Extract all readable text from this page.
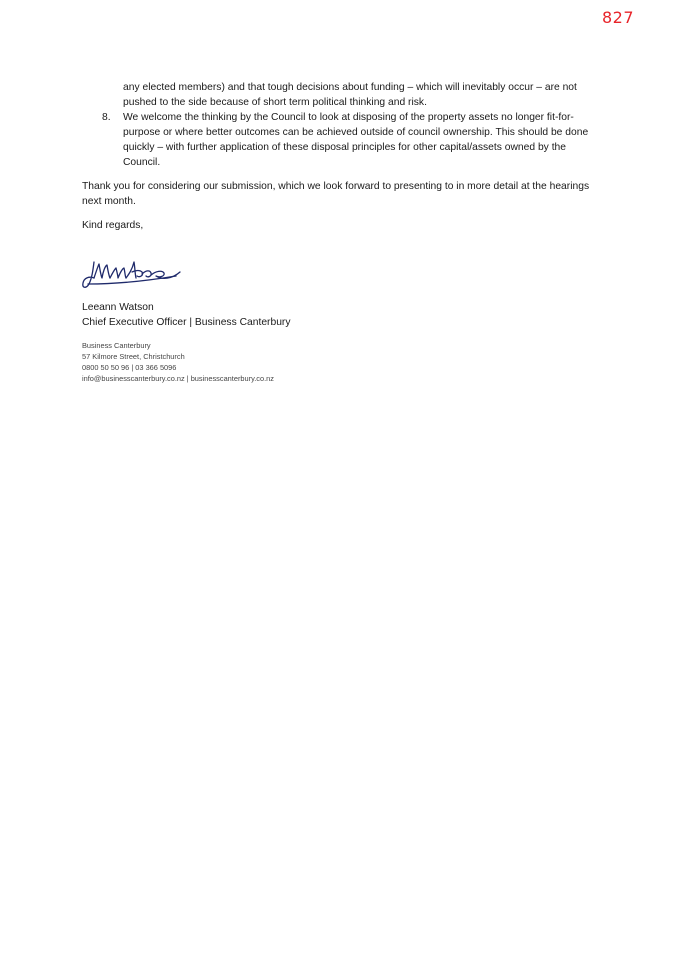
827

any elected members) and that tough decisions about funding – which will inevitably occur – are not pushed to the side because of short term political thinking and risk.

8.	We welcome the thinking by the Council to look at disposing of the property assets no longer fit-for-purpose or where better outcomes can be achieved outside of council ownership. This should be done quickly – with further application of these disposal principles for other capital/assets owned by the Council.

Thank you for considering our submission, which we look forward to presenting to in more detail at the hearings next month.

Kind regards,

Leeann Watson
Chief Executive Officer | Business Canterbury
Business Canterbury
57 Kilmore Street, Christchurch
0800 50 50 96 | 03 366 5096
info@businesscanterbury.co.nz | businesscanterbury.co.nz
